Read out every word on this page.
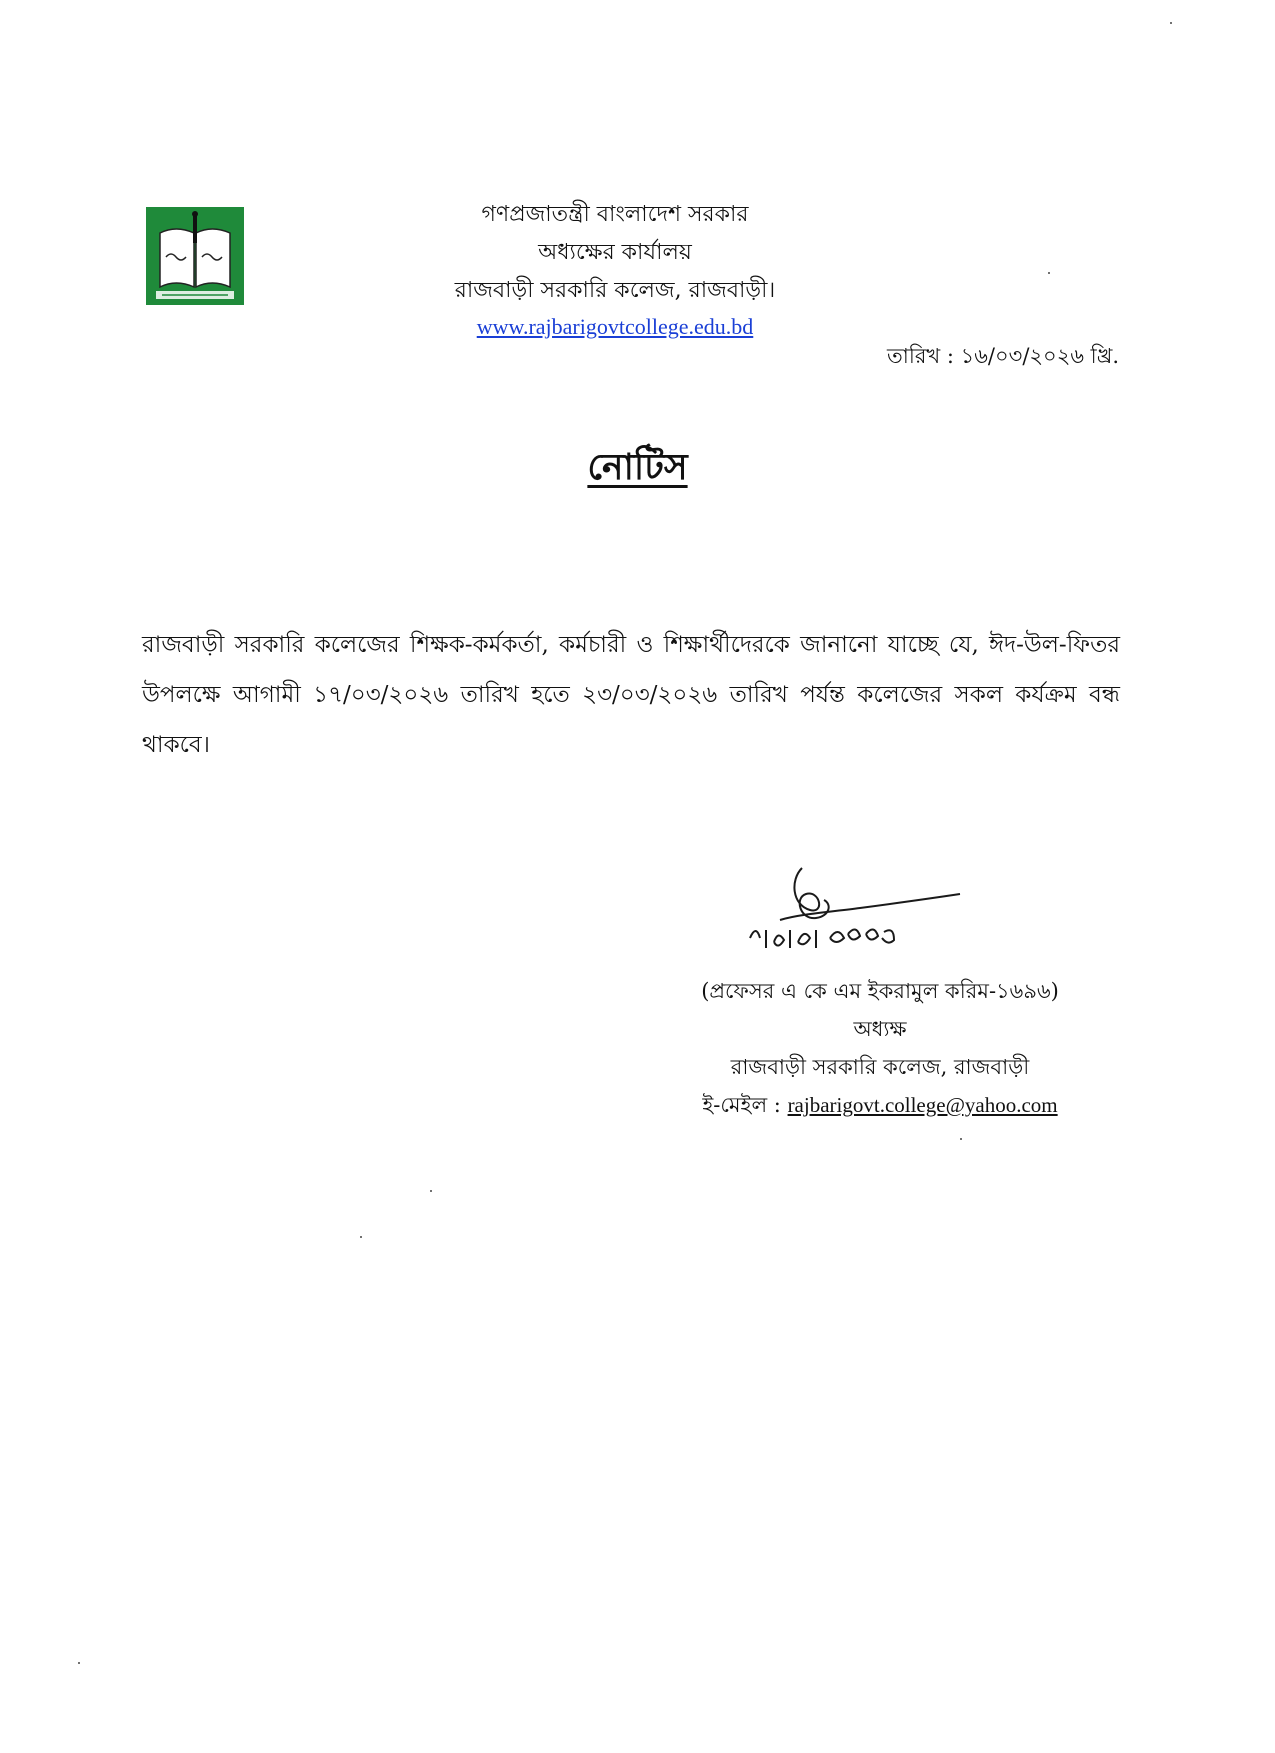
গণপ্রজাতন্ত্রী বাংলাদেশ সরকার
অধ্যক্ষের কার্যালয়
রাজবাড়ী সরকারি কলেজ, রাজবাড়ী।
www.rajbarigovtcollege.edu.bd
তারিখ : ১৬/০৩/২০২৬ খ্রি.
নোটিস
রাজবাড়ী সরকারি কলেজের শিক্ষক-কর্মকর্তা, কর্মচারী ও শিক্ষার্থীদেরকে জানানো যাচ্ছে যে, ঈদ-উল-ফিতর উপলক্ষে আগামী ১৭/০৩/২০২৬ তারিখ হতে ২৩/০৩/২০২৬ তারিখ পর্যন্ত কলেজের সকল কর্যক্রম বন্ধ থাকবে।
(প্রফেসর এ কে এম ইকরামুল করিম-১৬৯৬)
অধ্যক্ষ
রাজবাড়ী সরকারি কলেজ, রাজবাড়ী
ই-মেইল : rajbarigovt.college@yahoo.com
